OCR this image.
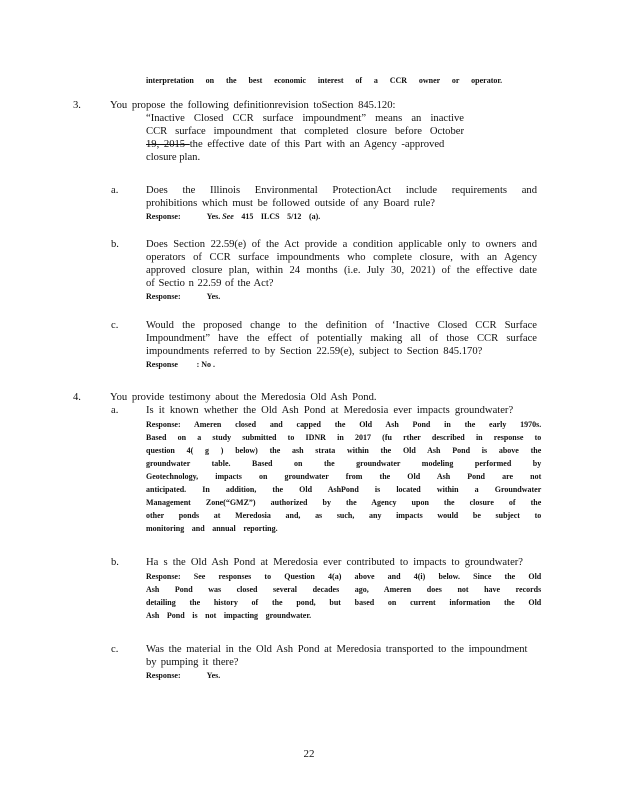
interpretation on the best economic interest of a CCR owner or operator.
3.	You propose the following definitionrevision toSection 845.120:
“Inactive Closed CCR surface impoundment” means an inactive
CCR surface impoundment that completed closure before October
19, 2015 the effective date of this Part with an Agency -approved
closure plan.
a.	Does the Illinois Environmental ProtectionAct include requirements and
prohibitions which must be followed outside of any Board rule?
Response:	Yes. See 415 ILCS 5/12 (a).
b.	Does Section 22.59(e) of the Act provide a condition applicable only to owners and
operators of CCR surface impoundments who complete closure, with an Agency
approved closure plan, within 24 months (i.e. July 30, 2021) of the effective date
of Sectio n 22.59 of the Act?
Response:	Yes.
c.	Would the proposed change to the definition of ‘Inactive Closed CCR Surface
Impoundment” have the effect of potentially making all of those CCR surface
impoundments referred to by Section 22.59(e), subject to Section 845.170?
Response : No .
4.	You provide testimony about the Meredosia Old Ash Pond.
a.	Is it known whether the Old Ash Pond at Meredosia ever impacts groundwater?
Response: Ameren closed and capped the Old Ash Pond in the early 1970s.
Based on a study submitted to IDNR in 2017 (fu rther described in response to
question 4( g ) below) the ash strata within the Old Ash Pond is above the
groundwater table. Based on the groundwater modeling performed by
Geotechnology, impacts on groundwater from the Old Ash Pond are not
anticipated. In addition, the Old AshPond is located within a Groundwater
Management Zone(“GMZ”) authorized by the Agency upon the closure of the
other ponds at Meredosia and, as such, any impacts would be subject to
monitoring and annual reporting.
b.	Ha s the Old Ash Pond at Meredosia ever contributed to impacts to groundwater?
Response: See responses to Question 4(a) above and 4(i) below. Since the Old
Ash Pond was closed several decades ago, Ameren does not have records
detailing the history of the pond, but based on current information the Old
Ash Pond is not impacting groundwater.
c.	Was the material in the Old Ash Pond at Meredosia transported to the impoundment
by pumping it there?
Response:	Yes.
22
